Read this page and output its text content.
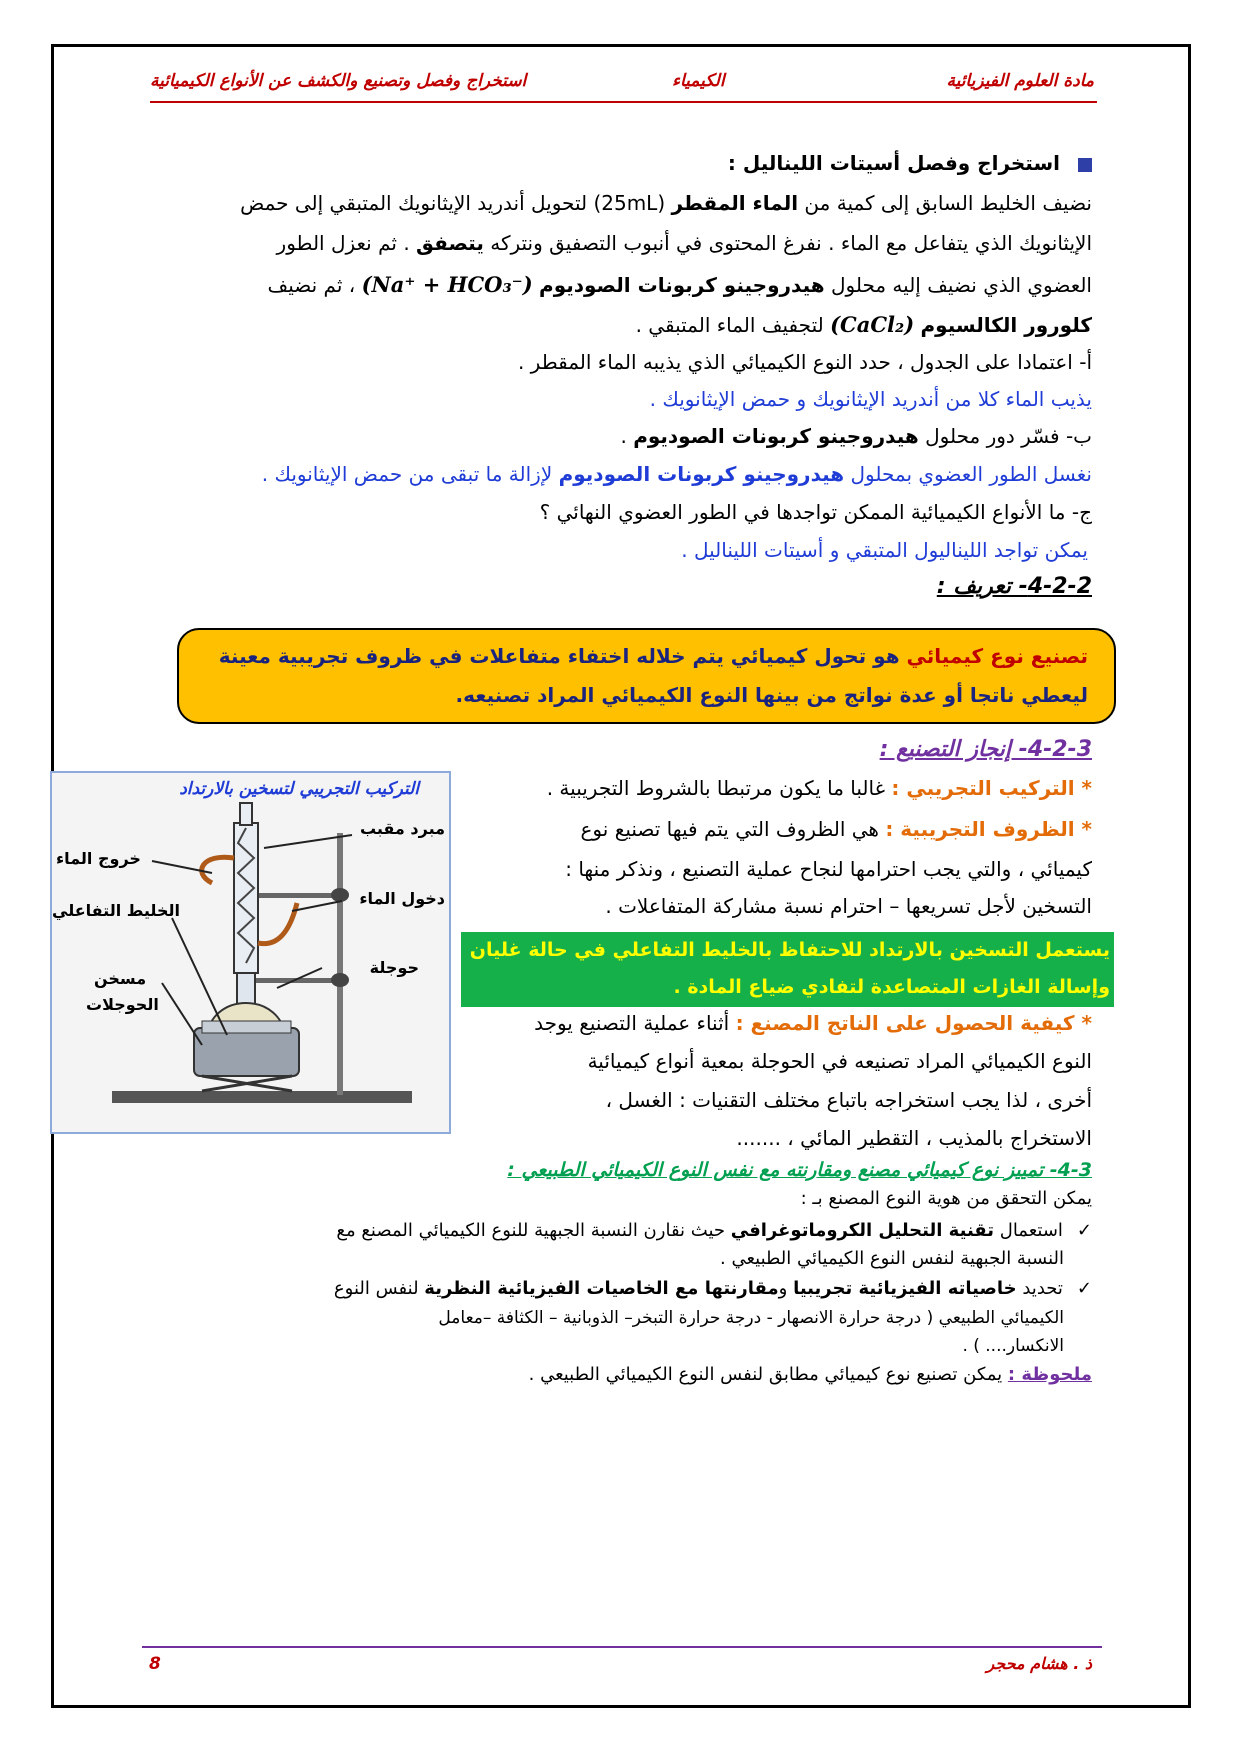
مادة العلوم الفيزيائية
الكيمياء
استخراج وفصل وتصنيع والكشف عن الأنواع الكيميائية
استخراج وفصل أسيتات الليناليل :
نضيف الخليط السابق إلى كمية من الماء المقطر (25mL) لتحويل أندريد الإيثانويك المتبقي إلى حمض
الإيثانويك الذي يتفاعل مع الماء . نفرغ المحتوى في أنبوب التصفيق ونتركه يتصفق . ثم نعزل الطور
العضوي الذي نضيف إليه محلول هيدروجينو كربونات الصوديوم (Na⁺ + HCO₃⁻) ، ثم نضيف
كلورور الكالسيوم (CaCl₂) لتجفيف الماء المتبقي .
أ- اعتمادا على الجدول ، حدد النوع الكيميائي الذي يذيبه الماء المقطر .
يذيب الماء كلا من أندريد الإيثانويك و حمض الإيثانويك .
ب- فسّر دور محلول هيدروجينو كربونات الصوديوم .
نغسل الطور العضوي بمحلول هيدروجينو كربونات الصوديوم لإزالة ما تبقى من حمض الإيثانويك .
ج- ما الأنواع الكيميائية الممكن تواجدها في الطور العضوي النهائي ؟
يمكن تواجد الليناليول المتبقي و أسيتات الليناليل .
4-2-2- تعريف :
تصنيع نوع كيميائي هو تحول كيميائي يتم خلاله اختفاء متفاعلات في ظروف تجريبية معينة
ليعطي ناتجا أو عدة نواتج من بينها النوع الكيميائي المراد تصنيعه.
4-2-3- إنجاز التصنيع :
* التركيب التجريبي : غالبا ما يكون مرتبطا بالشروط التجريبية .
* الظروف التجريبية : هي الظروف التي يتم فيها تصنيع نوع
كيميائي ، والتي يجب احترامها لنجاح عملية التصنيع ، ونذكر منها :
التسخين لأجل تسريعها – احترام نسبة مشاركة المتفاعلات .
يستعمل التسخين بالارتداد للاحتفاظ بالخليط التفاعلي في حالة غليان
وإسالة الغازات المتصاعدة لتفادي ضياع المادة .
* كيفية الحصول على الناتج المصنع : أثناء عملية التصنيع يوجد
النوع الكيميائي المراد تصنيعه في الحوجلة بمعية أنواع كيميائية
أخرى ، لذا يجب استخراجه باتباع مختلف التقنيات : الغسل ،
الاستخراج بالمذيب ، التقطير المائي ، .......
التركيب التجريبي لتسخين بالارتداد
مبرد مقبب
خروج الماء
دخول الماء
الخليط التفاعلي
حوجلة
مسخن
الحوجلات
4-3- تمييز نوع كيميائي مصنع ومقارنته مع نفس النوع الكيميائي الطبيعي :
يمكن التحقق من هوية النوع المصنع بـ :
✓استعمال تقنية التحليل الكروماتوغرافي حيث نقارن النسبة الجبهية للنوع الكيميائي المصنع مع
النسبة الجبهية لنفس النوع الكيميائي الطبيعي .
✓تحديد خاصياته الفيزيائية تجريبيا ومقارنتها مع الخاصيات الفيزيائية النظرية لنفس النوع
الكيميائي الطبيعي ( درجة حرارة الانصهار - درجة حرارة التبخر– الذوبانية – الكثافة –معامل
الانكسار.... ) .
ملحوظة : يمكن تصنيع نوع كيميائي مطابق لنفس النوع الكيميائي الطبيعي .
ذ . هشام محجر
8
